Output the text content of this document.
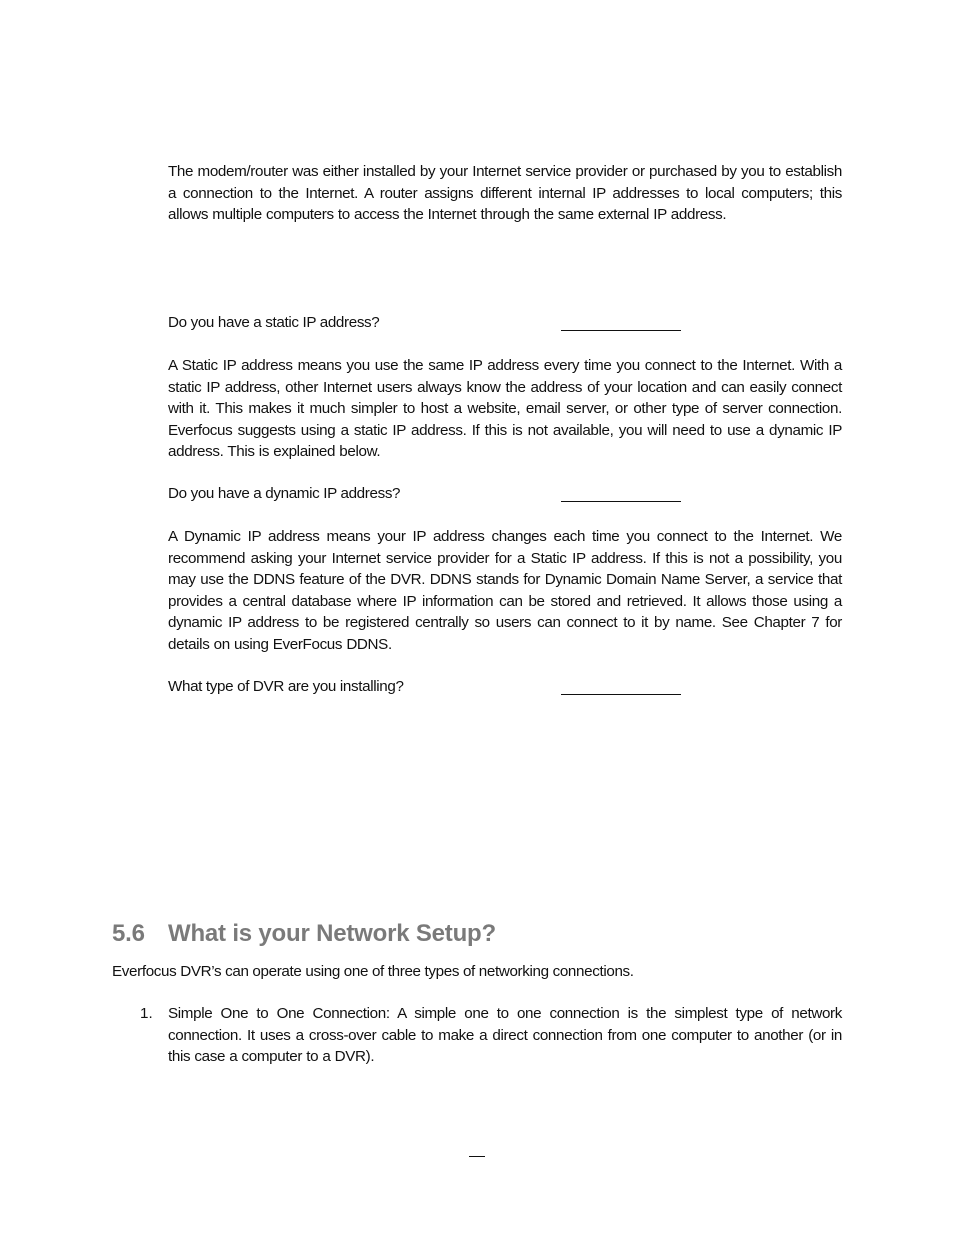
The modem/router was either installed by your Internet service provider or purchased by you to establish a connection to the Internet. A router assigns different internal IP addresses to local computers; this allows multiple computers to access the Internet through the same external IP address.

Do you have a static IP address?

A Static IP address means you use the same IP address every time you connect to the Internet. With a static IP address, other Internet users always know the address of your location and can easily connect with it. This makes it much simpler to host a website, email server, or other type of server connection. Everfocus suggests using a static IP address. If this is not available, you will need to use a dynamic IP address. This is explained below.

Do you have a dynamic IP address?

A Dynamic IP address means your IP address changes each time you connect to the Internet. We recommend asking your Internet service provider for a Static IP address. If this is not a possibility, you may use the DDNS feature of the DVR. DDNS stands for Dynamic Domain Name Server, a service that provides a central database where IP information can be stored and retrieved. It allows those using a dynamic IP address to be registered centrally so users can connect to it by name. See Chapter 7 for details on using EverFocus DDNS.

What type of DVR are you installing?

5.6 What is your Network Setup?

Everfocus DVR’s can operate using one of three types of networking connections.

1. Simple One to One Connection: A simple one to one connection is the simplest type of network connection. It uses a cross-over cable to make a direct connection from one computer to another (or in this case a computer to a DVR).
